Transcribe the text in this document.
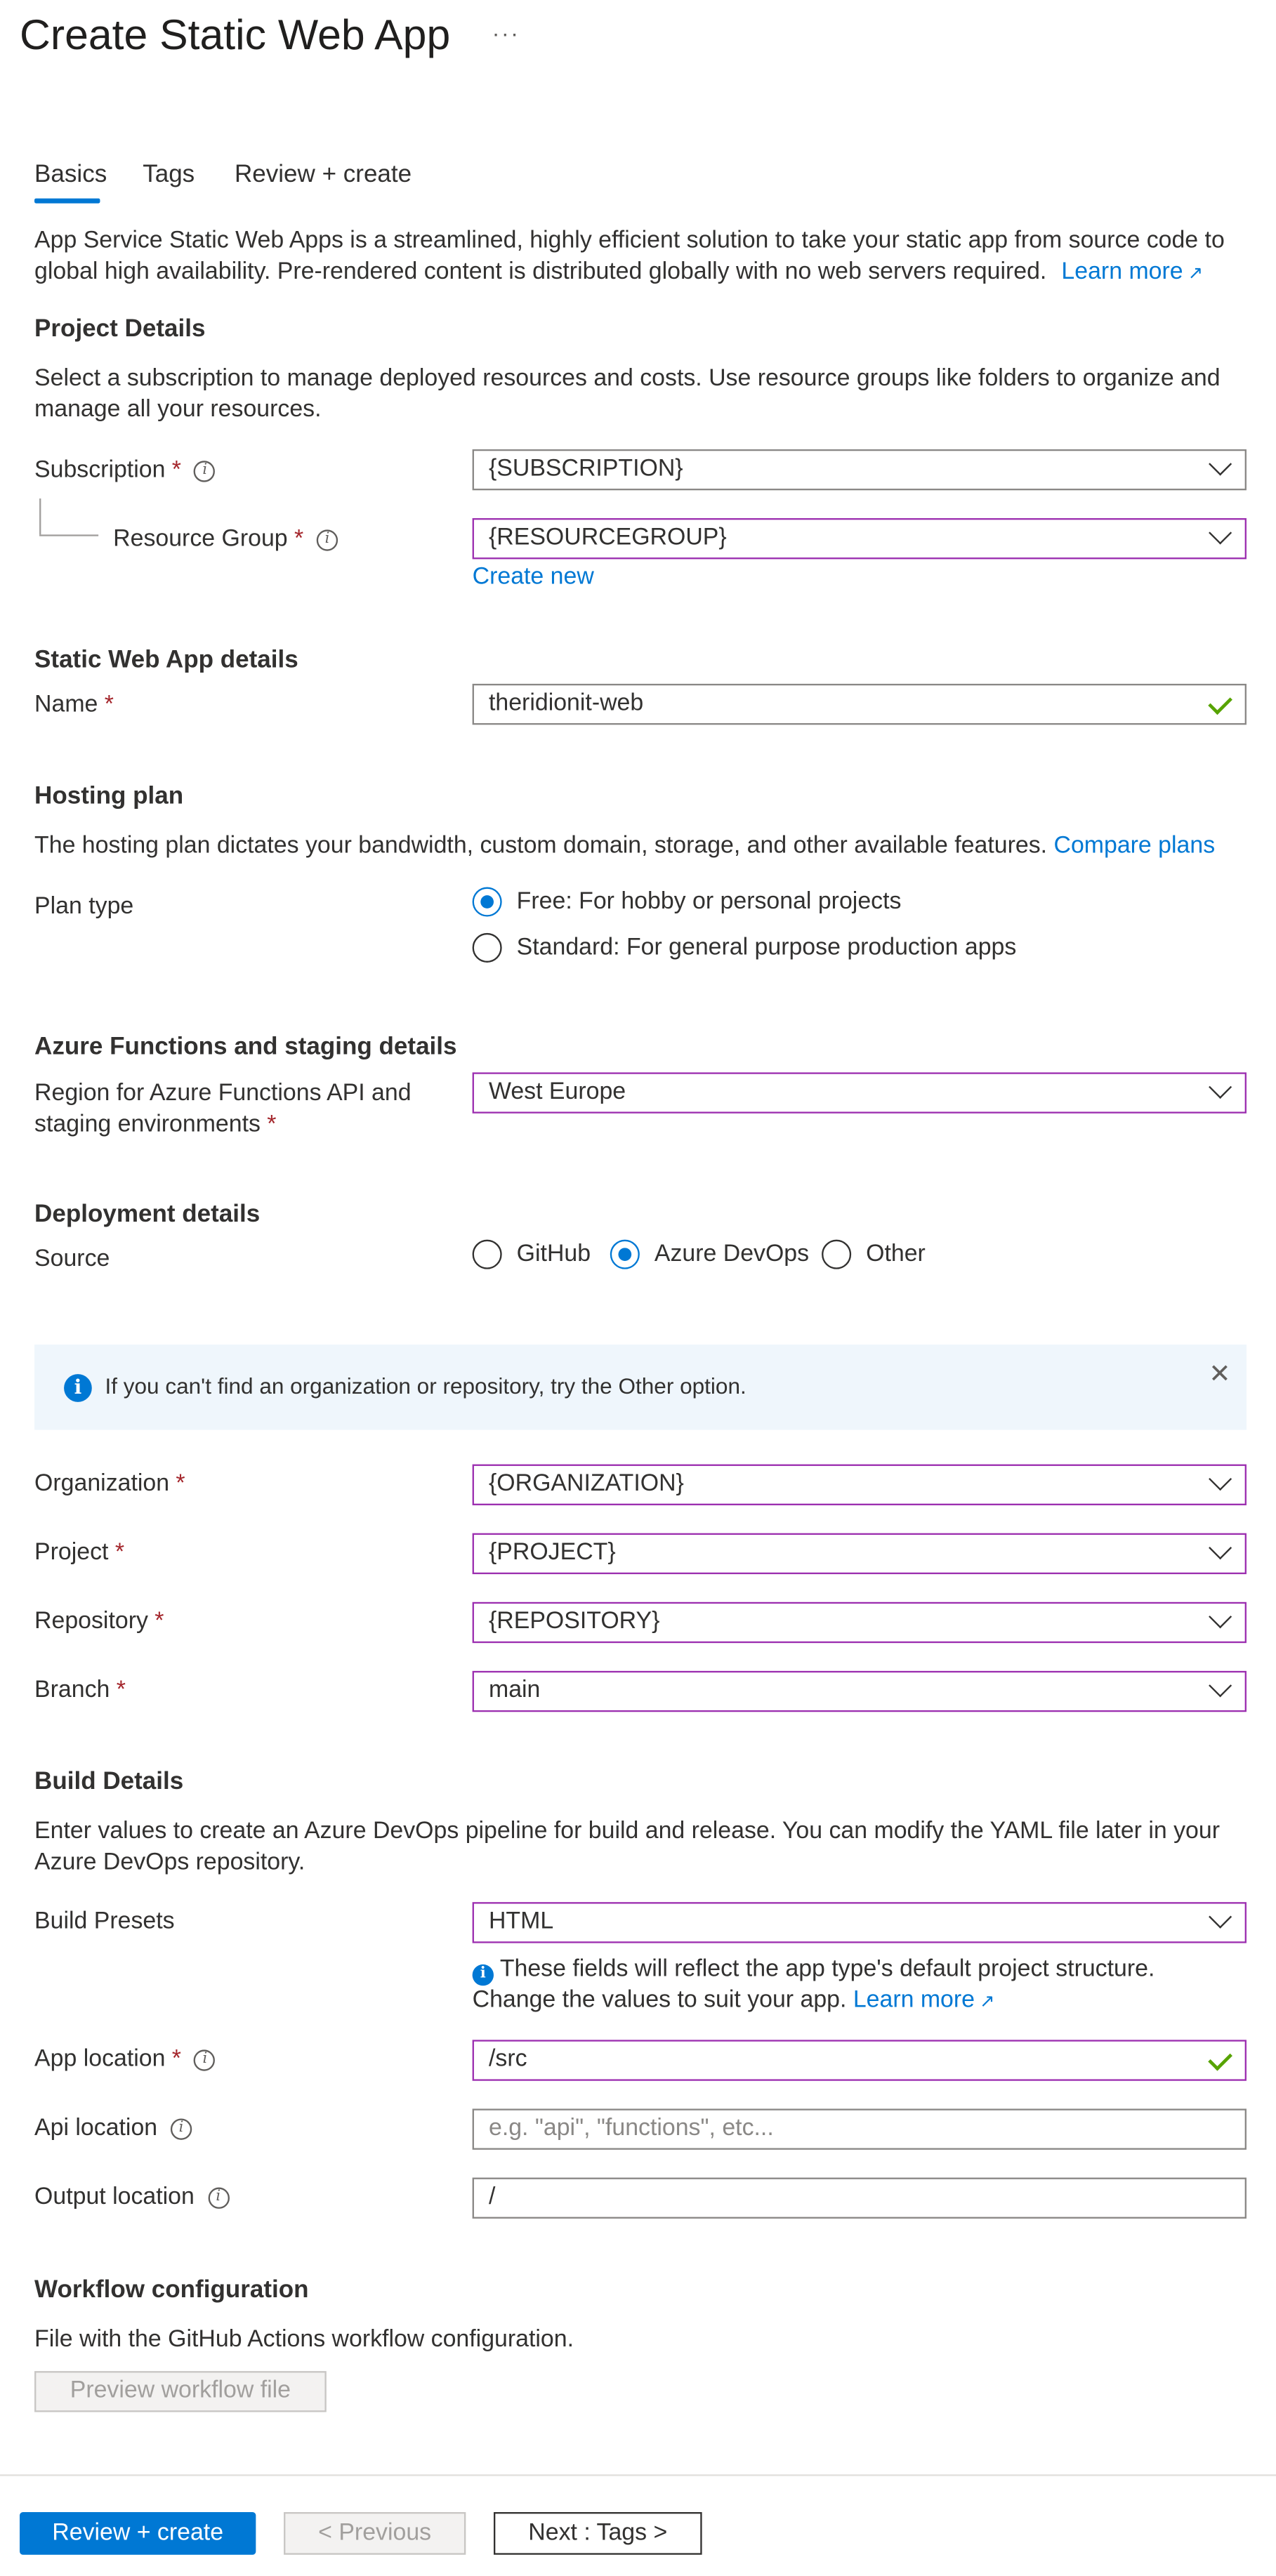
Create Static Web App	···
Basics	Tags	Review + create
App Service Static Web Apps is a streamlined, highly efficient solution to take your static app from source code to global high availability. Pre-rendered content is distributed globally with no web servers required. Learn more ↗
Project Details
Select a subscription to manage deployed resources and costs. Use resource groups like folders to organize and manage all your resources.
Subscription *	i	{SUBSCRIPTION}
Resource Group *	i	{RESOURCEGROUP}
Create new
Static Web App details
Name *	theridionit-web
Hosting plan
The hosting plan dictates your bandwidth, custom domain, storage, and other available features. Compare plans
Plan type	Free: For hobby or personal projects
Standard: For general purpose production apps
Azure Functions and staging details
Region for Azure Functions API and
staging environments *
West Europe
Deployment details
Source	GitHub	Azure DevOps	Other
i	If you can't find an organization or repository, try the Other option.	✕
Organization *	{ORGANIZATION}
Project *	{PROJECT}
Repository *	{REPOSITORY}
Branch *	main
Build Details
Enter values to create an Azure DevOps pipeline for build and release. You can modify the YAML file later in your Azure DevOps repository.
Build Presets	HTML
i These fields will reflect the app type's default project structure. Change the values to suit your app. Learn more ↗
App location *	i	/src
Api location	i	e.g. "api", "functions", etc...
Output location	i	/
Workflow configuration
File with the GitHub Actions workflow configuration.
Preview workflow file
Review + create	< Previous	Next : Tags >
